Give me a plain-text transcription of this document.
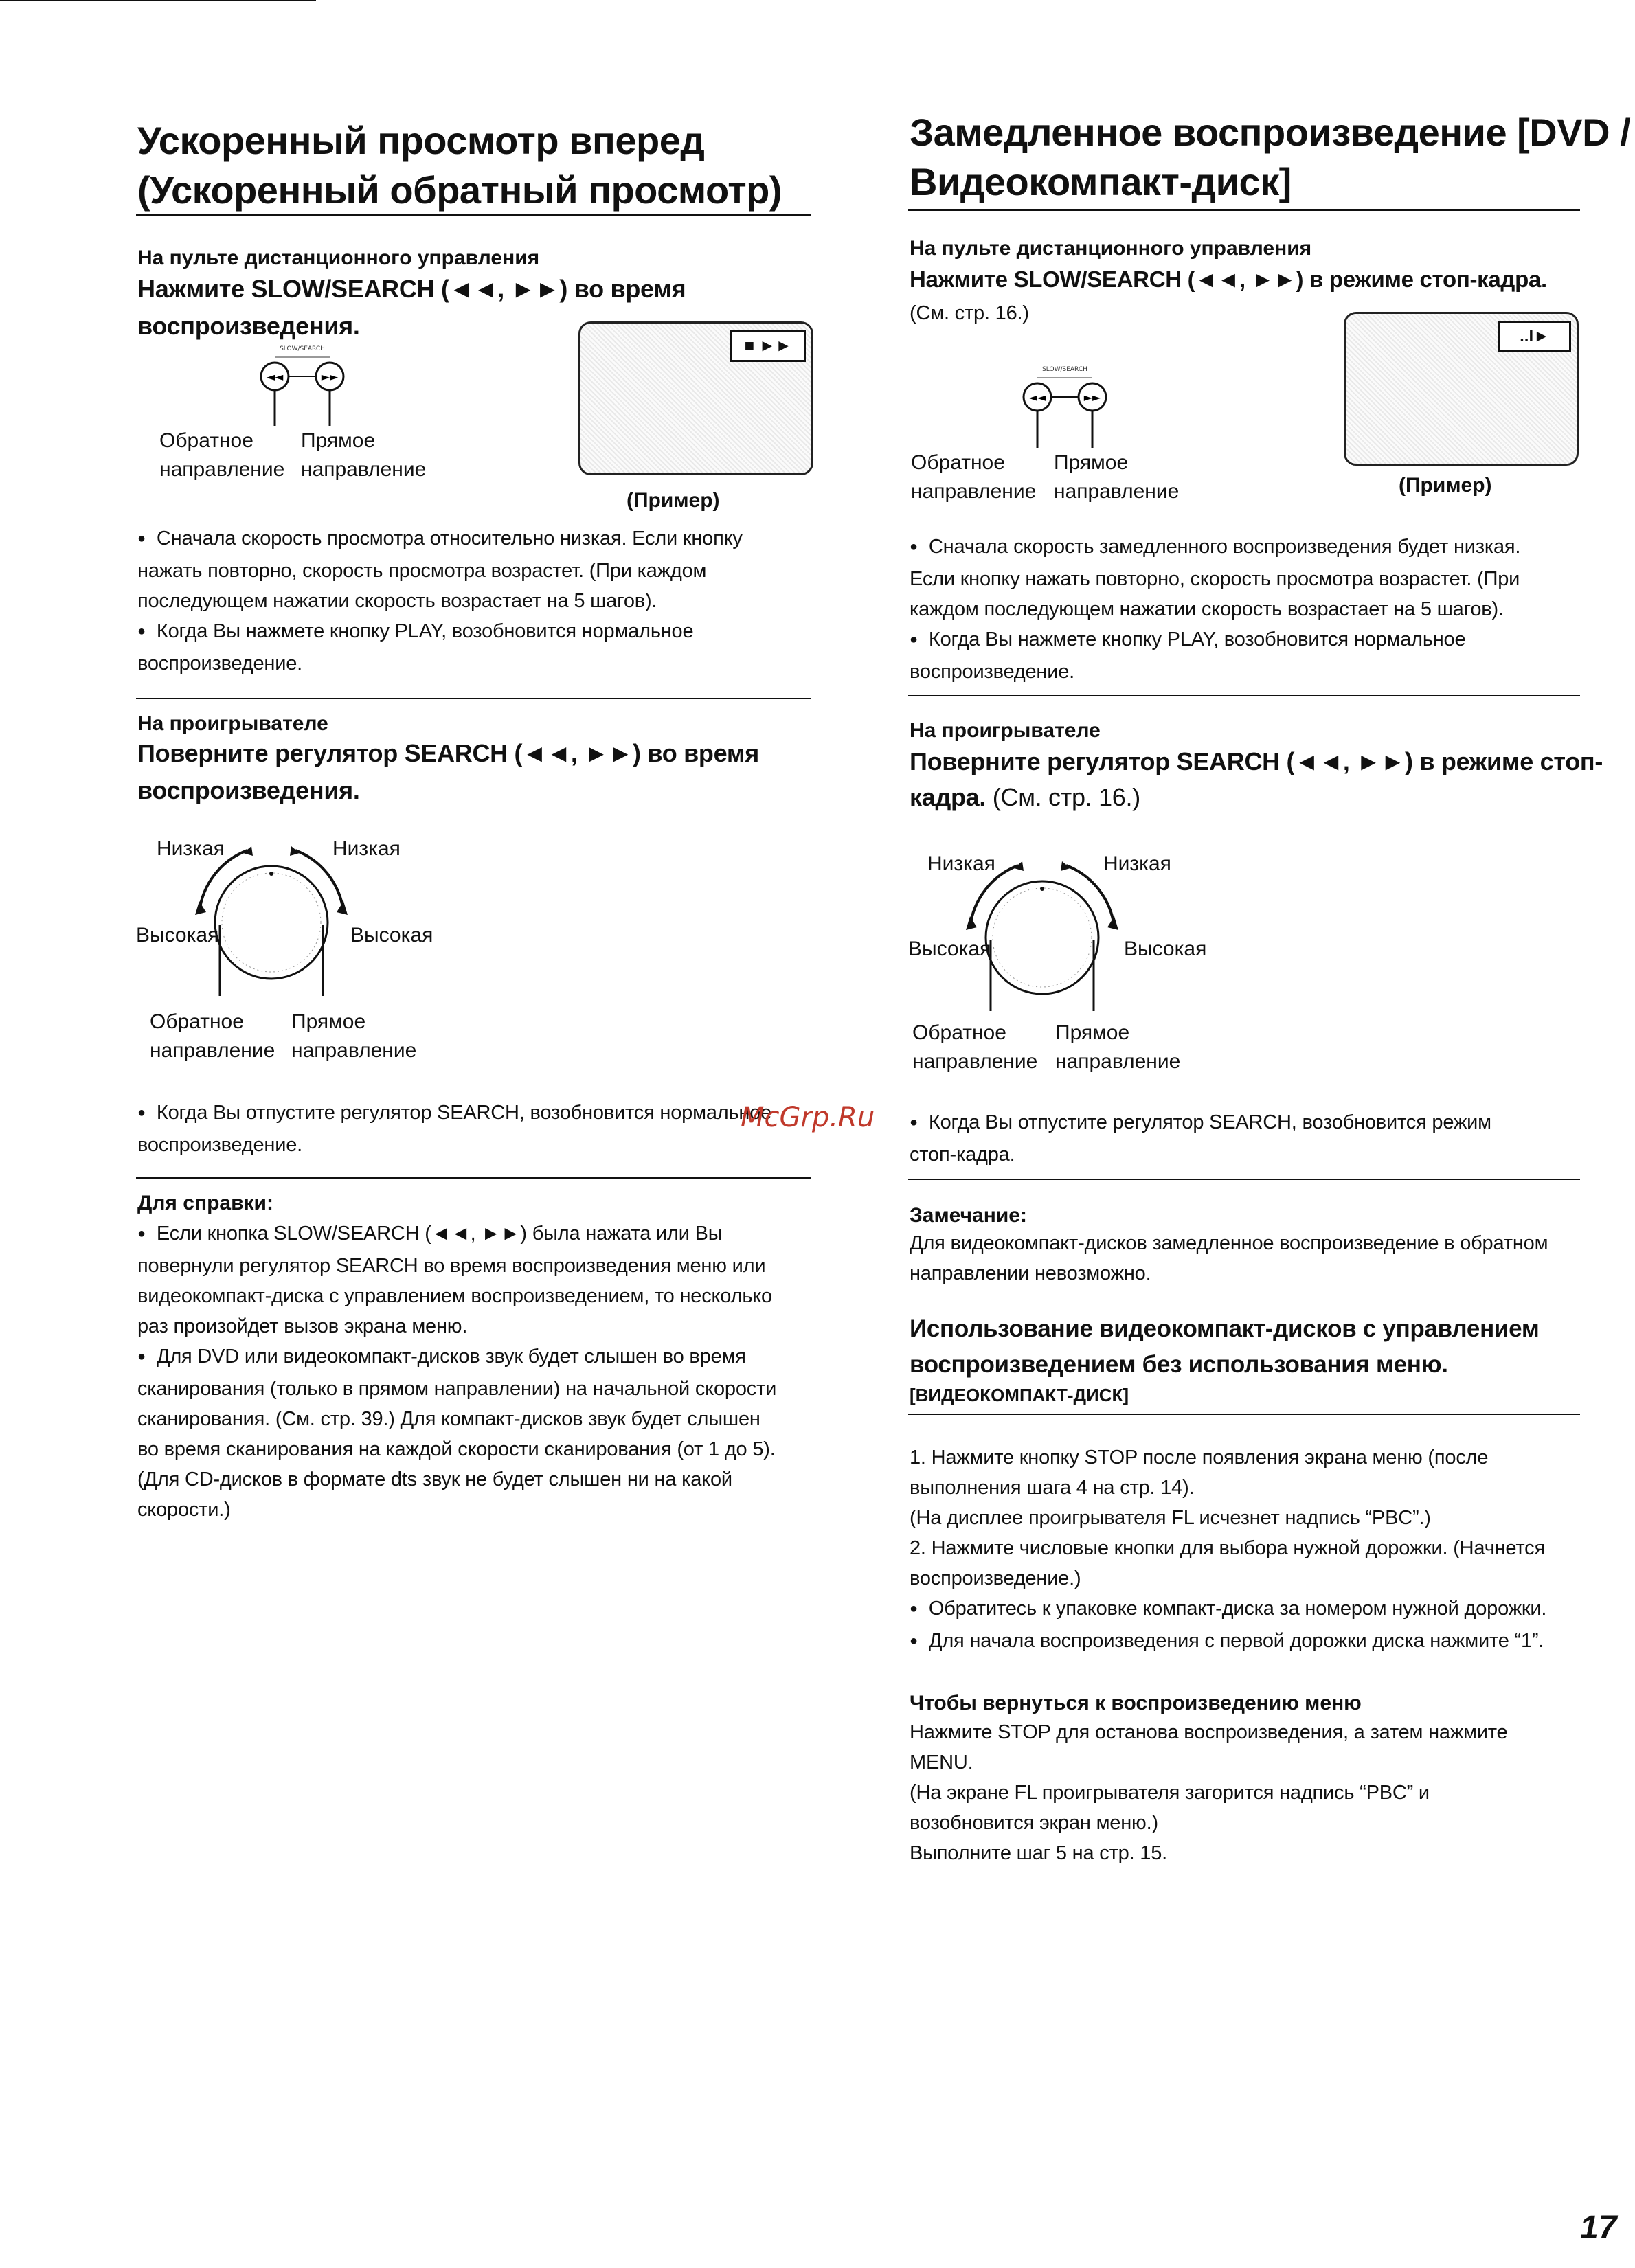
Ускоренный просмотр вперед
(Ускоренный обратный просмотр)
На пульте дистанционного управления
Нажмите SLOW/SEARCH (◄◄, ►►) во время
воспроизведения.
SLOW/SEARCH
◄◄	►►
Обратное
направление
Прямое
направление
■ ►►
(Пример)

● Сначала скорость просмотра относительно низкая. Если кнопку

нажать повторно, скорость просмотра возрастет. (При каждом

последующем нажатии скорость возрастает на 5 шагов).

● Когда Вы нажмете кнопку PLAY, возобновится нормальное

воспроизведение.

На проигрывателе
Поверните регулятор SEARCH (◄◄, ►►) во время
воспроизведения.
Низкая	Низкая
Высокая	Высокая
Обратное
направление
Прямое
направление

● Когда Вы отпустите регулятор SEARCH, возобновится нормальное

воспроизведение.

McGrp.Ru
Для справки:

● Если кнопка SLOW/SEARCH (◄◄, ►►) была нажата или Вы

повернули регулятор SEARCH во время воспроизведения меню или

видеокомпакт-диска с управлением воспроизведением, то несколько

раз произойдет вызов экрана меню.

● Для DVD или видеокомпакт-дисков звук будет слышен во время

сканирования (только в прямом направлении) на начальной скорости

сканирования. (См. стр. 39.) Для компакт-дисков звук будет слышен

во время сканирования на каждой скорости сканирования (от 1 до 5).

(Для CD-дисков в формате dts звук не будет слышен ни на какой

скорости.)

Замедленное воспроизведение [DVD /
Видеокомпакт-диск]
На пульте дистанционного управления
Нажмите SLOW/SEARCH (◄◄, ►►) в режиме стоп-кадра.
(См. стр. 16.)
SLOW/SEARCH
◄◄	►►
Обратное
направление
Прямое
направление
..I►
(Пример)

● Сначала скорость замедленного воспроизведения будет низкая.

Если кнопку нажать повторно, скорость просмотра возрастет. (При

каждом последующем нажатии скорость возрастает на 5 шагов).

● Когда Вы нажмете кнопку PLAY, возобновится нормальное

воспроизведение.

На проигрывателе
Поверните регулятор SEARCH (◄◄, ►►) в режиме стоп-
кадра. (См. стр. 16.)
Низкая	Низкая
Высокая	Высокая
Обратное
направление
Прямое
направление

● Когда Вы отпустите регулятор SEARCH, возобновится режим

стоп-кадра.

Замечание:

Для видеокомпакт-дисков замедленное воспроизведение в обратном

направлении невозможно.

Использование видеокомпакт-дисков с управлением
воспроизведением без использования меню.
[ВИДЕОКОМПАКТ-ДИСК]

1. Нажмите кнопку STOP после появления экрана меню (после

выполнения шага 4 на стр. 14).

(На дисплее проигрывателя FL исчезнет надпись “PBC”.)

2. Нажмите числовые кнопки для выбора нужной дорожки. (Начнется

воспроизведение.)

● Обратитесь к упаковке компакт-диска за номером нужной дорожки.

● Для начала воспроизведения с первой дорожки диска нажмите “1”.

Чтобы вернуться к воспроизведению меню

Нажмите STOP для останова воспроизведения, а затем нажмите

MENU.

(На экране FL проигрывателя загорится надпись “PBC” и

возобновится экран меню.)

Выполните шаг 5 на стр. 15.

17
